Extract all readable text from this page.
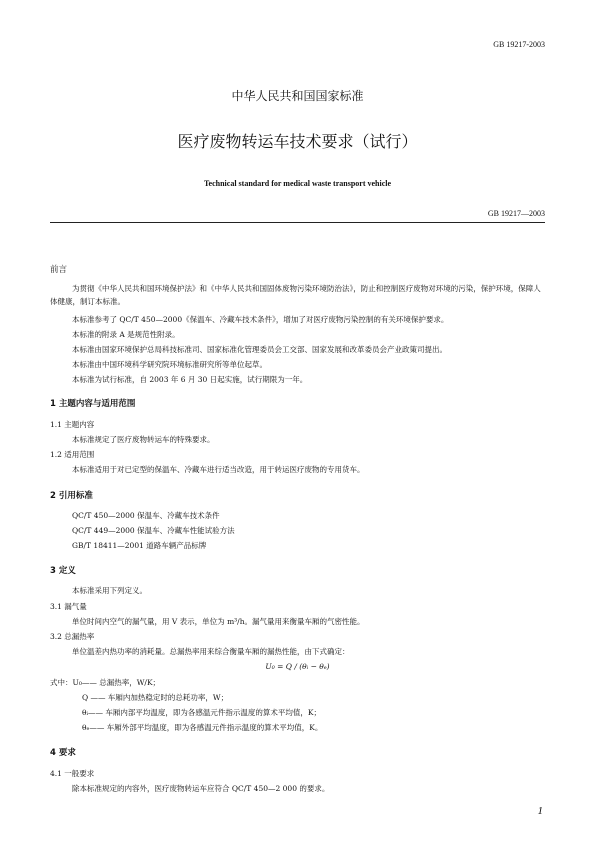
GB 19217-2003
中华人民共和国国家标准
医疗废物转运车技术要求（试行）
Technical standard for medical waste transport vehicle
GB 19217—2003
前言
为贯彻《中华人民共和国环境保护法》和《中华人民共和国固体废物污染环境防治法》，防止和控制医疗废物对环境的污染，保护环境，保障人体健康，制订本标准。
本标准参考了 QC/T 450—2000《保温车、冷藏车技术条件》，增加了对医疗废物污染控制的有关环境保护要求。
本标准的附录 A 是规范性附录。
本标准由国家环境保护总局科技标准司、国家标准化管理委员会工交部、国家发展和改革委员会产业政策司提出。
本标准由中国环境科学研究院环境标准研究所等单位起草。
本标准为试行标准，自 2003 年 6 月 30 日起实施，试行期限为一年。
1 主题内容与适用范围
1.1 主题内容
本标准规定了医疗废物转运车的特殊要求。
1.2 适用范围
本标准适用于对已定型的保温车、冷藏车进行适当改造，用于转运医疗废物的专用货车。
2 引用标准
QC/T 450—2000 保温车、冷藏车技术条件
QC/T 449—2000 保温车、冷藏车性能试验方法
GB/T 18411—2001 道路车辆产品标牌
3 定义
本标准采用下列定义。
3.1 漏气量
单位时间内空气的漏气量，用 V 表示，单位为 m³/h。漏气量用来衡量车厢的气密性能。
3.2 总漏热率
单位温差内热功率的消耗量。总漏热率用来综合衡量车厢的漏热性能，由下式确定：
U₀ = Q / (θᵢ − θₑ)
式中：U₀—— 总漏热率，W/K；
Q —— 车厢内加热稳定时的总耗功率，W；
θᵢ—— 车厢内部平均温度，即为各感温元件指示温度的算术平均值，K；
θₑ—— 车厢外部平均温度，即为各感温元件指示温度的算术平均值，K。
4 要求
4.1 一般要求
除本标准规定的内容外，医疗废物转运车应符合 QC/T 450—2 000 的要求。
1
